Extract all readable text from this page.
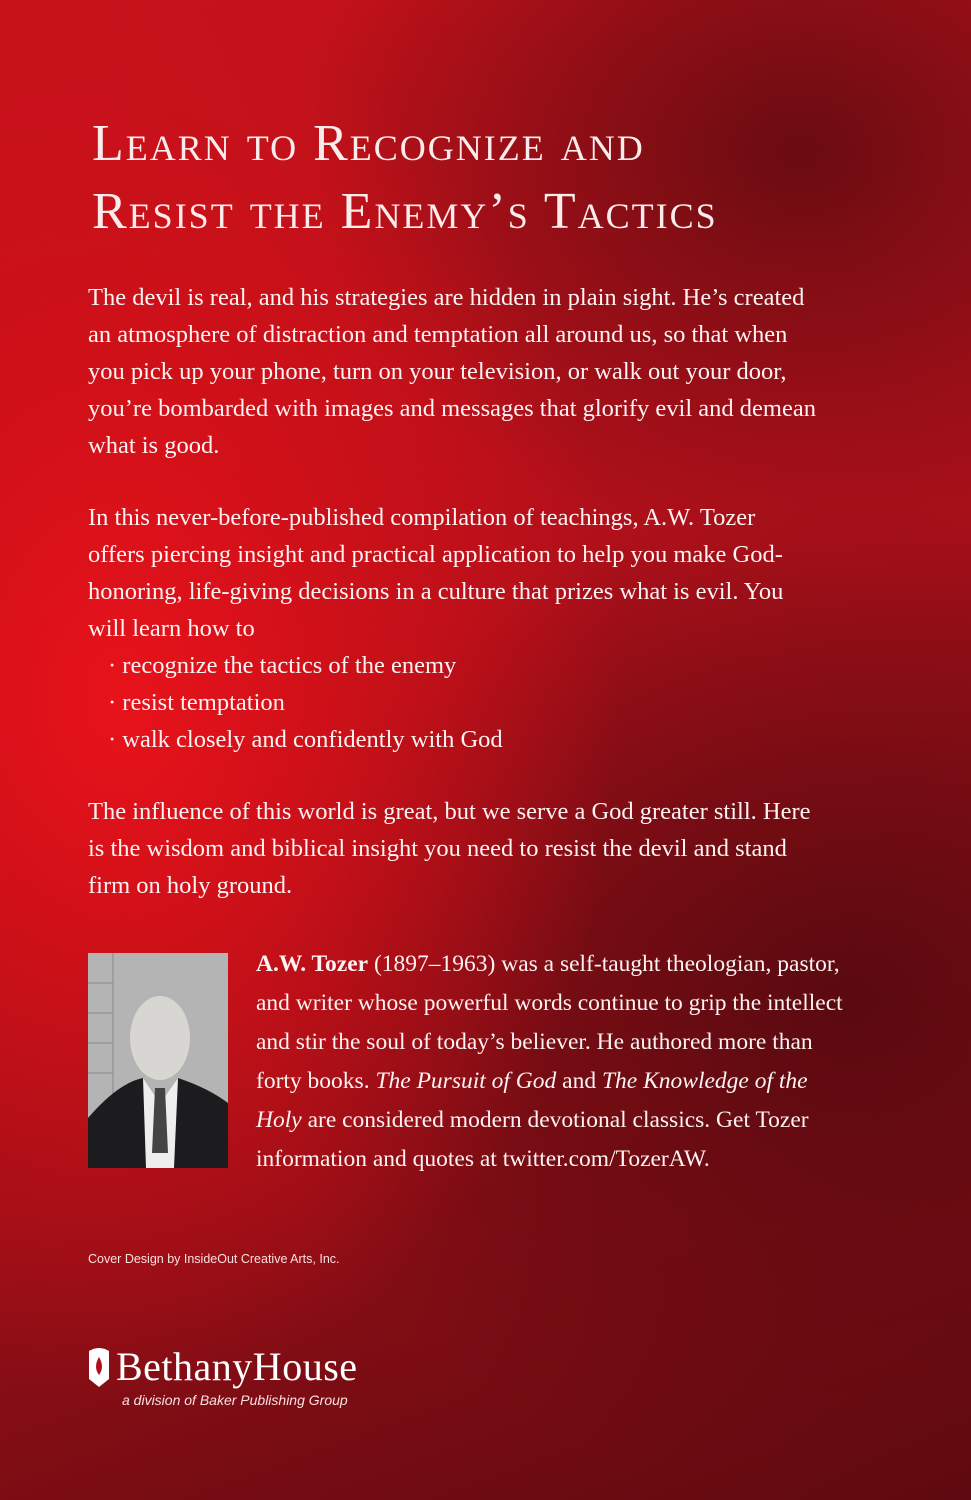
Learn to Recognize and
Resist the Enemy’s Tactics
The devil is real, and his strategies are hidden in plain sight. He’s created
an atmosphere of distraction and temptation all around us, so that when
you pick up your phone, turn on your television, or walk out your door,
you’re bombarded with images and messages that glorify evil and demean
what is good.
In this never-before-published compilation of teachings, A.W. Tozer
offers piercing insight and practical application to help you make God-
honoring, life-giving decisions in a culture that prizes what is evil. You
will learn how to
· recognize the tactics of the enemy
· resist temptation
· walk closely and confidently with God
The influence of this world is great, but we serve a God greater still. Here
is the wisdom and biblical insight you need to resist the devil and stand
firm on holy ground.
A.W. Tozer (1897–1963) was a self-taught theologian, pastor,
and writer whose powerful words continue to grip the intellect
and stir the soul of today’s believer. He authored more than
forty books. The Pursuit of God and The Knowledge of the
Holy are considered modern devotional classics. Get Tozer
information and quotes at twitter.com/TozerAW.
Cover Design by InsideOut Creative Arts, Inc.
BethanyHouse
a division of Baker Publishing Group
